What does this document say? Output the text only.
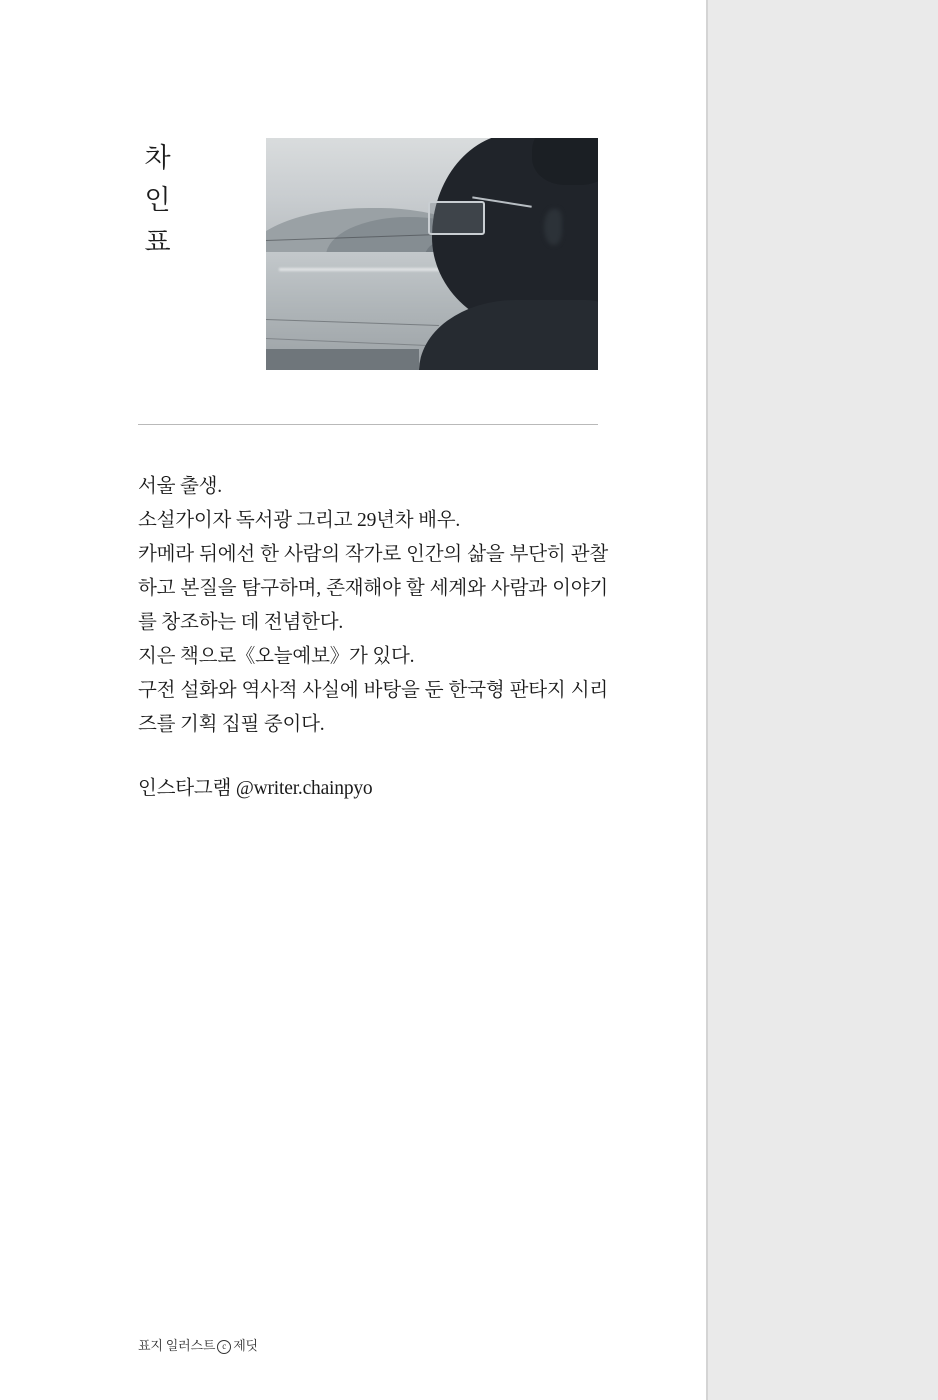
차
인
표

서울 출생.

소설가이자 독서광 그리고 29년차 배우.

카메라 뒤에선 한 사람의 작가로 인간의 삶을 부단히 관찰하고 본질을 탐구하며, 존재해야 할 세계와 사람과 이야기를 창조하는 데 전념한다.

지은 책으로《오늘예보》가 있다.

구전 설화와 역사적 사실에 바탕을 둔 한국형 판타지 시리즈를 기획 집필 중이다.

인스타그램 @writer.chainpyo

표지 일러스트 c 제딧
